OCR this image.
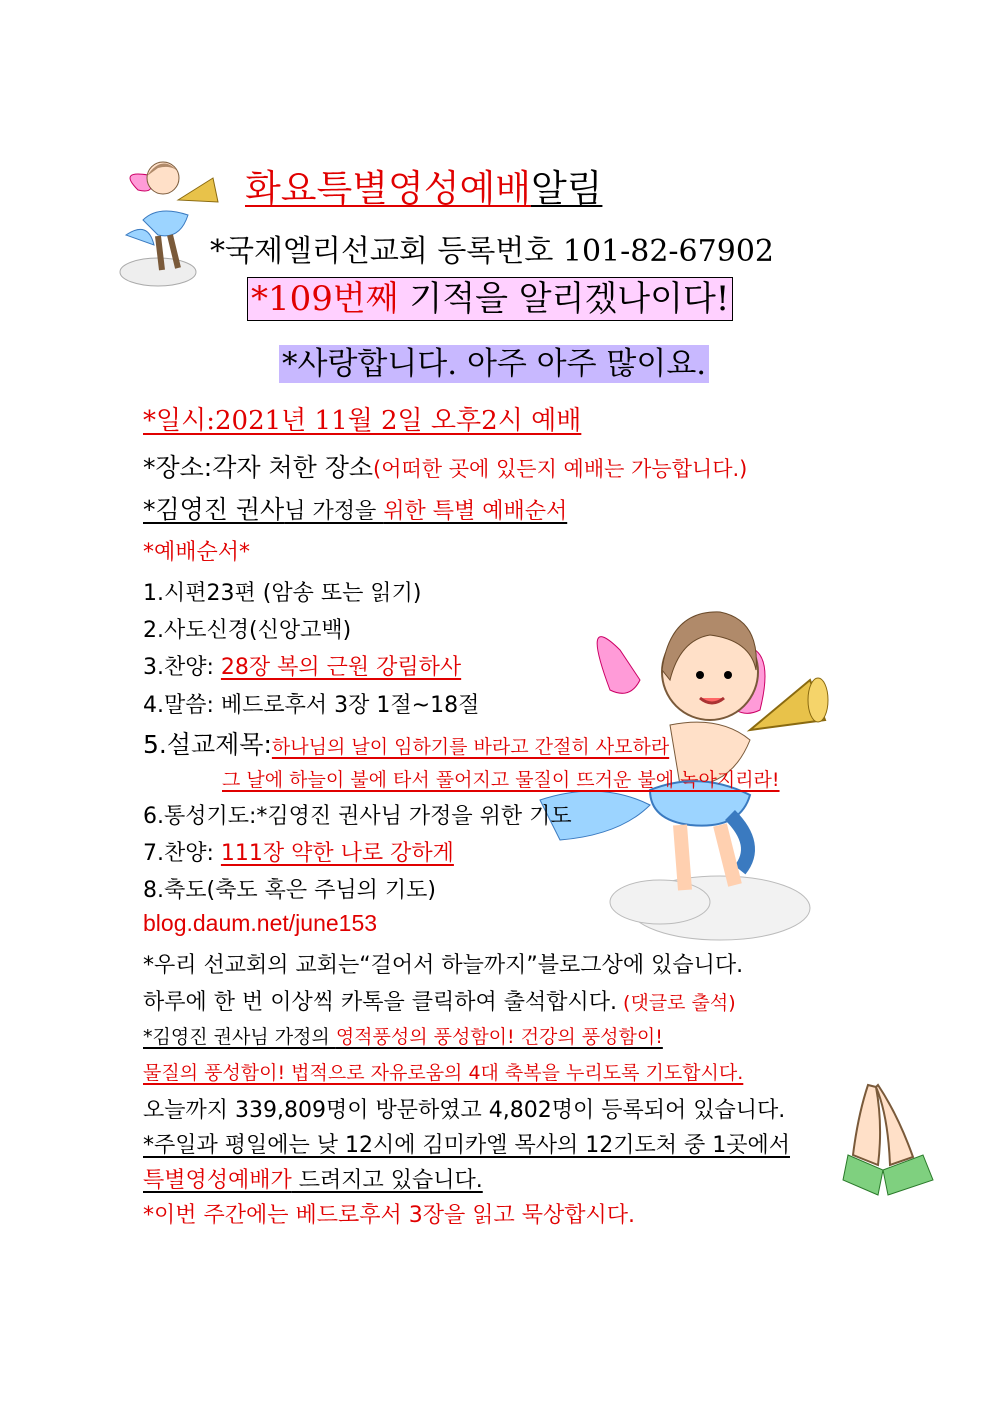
화요특별영성예배알림
*국제엘리선교회 등록번호 101-82-67902
*109번째 기적을 알리겠나이다!
*사랑합니다. 아주 아주 많이요.
*일시:2021년 11월 2일 오후2시 예배
*장소:각자 처한 장소(어떠한 곳에 있든지 예배는 가능합니다.)
*김영진 권사님 가정을 위한 특별 예배순서
*예배순서*
1.시편23편 (암송 또는 읽기)
2.사도신경(신앙고백)
3.찬양: 28장 복의 근원 강림하사
4.말씀: 베드로후서 3장 1절~18절
5.설교제목:하나님의 날이 임하기를 바라고 간절히 사모하라
그 날에 하늘이 불에 타서 풀어지고 물질이 뜨거운 불에 녹아지리라!
6.통성기도:*김영진 권사님 가정을 위한 기도
7.찬양: 111장 약한 나로 강하게
8.축도(축도 혹은 주님의 기도)
blog.daum.net/june153
*우리 선교회의 교회는“걸어서 하늘까지”블로그상에 있습니다.
하루에 한 번 이상씩 카톡을 클릭하여 출석합시다. (댓글로 출석)
*김영진 권사님 가정의 영적풍성의 풍성함이! 건강의 풍성함이!
물질의 풍성함이! 법적으로 자유로움의 4대 축복을 누리도록 기도합시다.
오늘까지 339,809명이 방문하였고 4,802명이 등록되어 있습니다.
*주일과 평일에는 낮 12시에 김미카엘 목사의 12기도처 중 1곳에서
특별영성예배가 드려지고 있습니다.
*이번 주간에는 베드로후서 3장을 읽고 묵상합시다.
